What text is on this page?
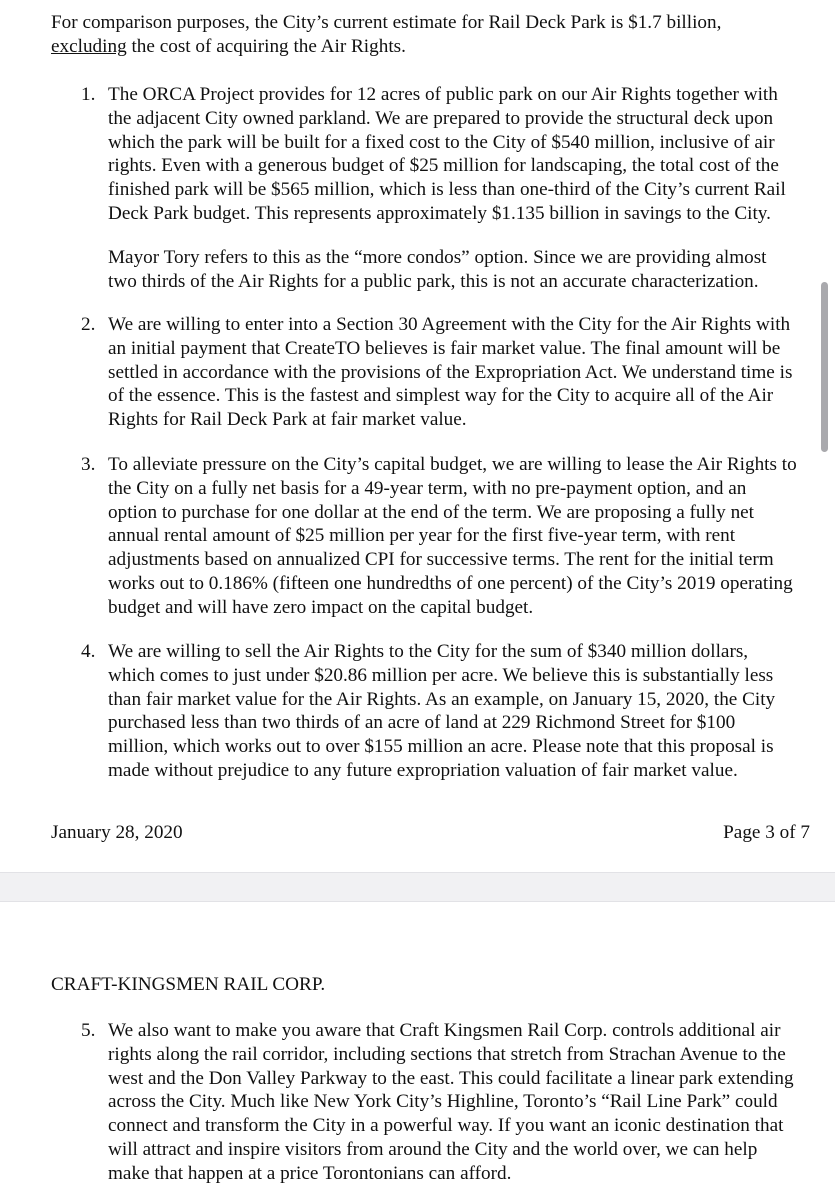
For comparison purposes, the City’s current estimate for Rail Deck Park is $1.7 billion,
excluding the cost of acquiring the Air Rights.

1. The ORCA Project provides for 12 acres of public park on our Air Rights together with the adjacent City owned parkland. We are prepared to provide the structural deck upon which the park will be built for a fixed cost to the City of $540 million, inclusive of air rights. Even with a generous budget of $25 million for landscaping, the total cost of the finished park will be $565 million, which is less than one-third of the City’s current Rail Deck Park budget. This represents approximately $1.135 billion in savings to the City.

Mayor Tory refers to this as the “more condos” option. Since we are providing almost two thirds of the Air Rights for a public park, this is not an accurate characterization.

2. We are willing to enter into a Section 30 Agreement with the City for the Air Rights with an initial payment that CreateTO believes is fair market value. The final amount will be settled in accordance with the provisions of the Expropriation Act. We understand time is of the essence. This is the fastest and simplest way for the City to acquire all of the Air Rights for Rail Deck Park at fair market value.

3. To alleviate pressure on the City’s capital budget, we are willing to lease the Air Rights to the City on a fully net basis for a 49-year term, with no pre-payment option, and an option to purchase for one dollar at the end of the term. We are proposing a fully net annual rental amount of $25 million per year for the first five-year term, with rent adjustments based on annualized CPI for successive terms. The rent for the initial term works out to 0.186% (fifteen one hundredths of one percent) of the City’s 2019 operating budget and will have zero impact on the capital budget.

4. We are willing to sell the Air Rights to the City for the sum of $340 million dollars, which comes to just under $20.86 million per acre. We believe this is substantially less than fair market value for the Air Rights. As an example, on January 15, 2020, the City purchased less than two thirds of an acre of land at 229 Richmond Street for $100 million, which works out to over $155 million an acre. Please note that this proposal is made without prejudice to any future expropriation valuation of fair market value.

January 28, 2020	Page 3 of 7

CRAFT-KINGSMEN RAIL CORP.

5. We also want to make you aware that Craft Kingsmen Rail Corp. controls additional air rights along the rail corridor, including sections that stretch from Strachan Avenue to the west and the Don Valley Parkway to the east. This could facilitate a linear park extending across the City. Much like New York City’s Highline, Toronto’s “Rail Line Park” could connect and transform the City in a powerful way. If you want an iconic destination that will attract and inspire visitors from around the City and the world over, we can help make that happen at a price Torontonians can afford.
